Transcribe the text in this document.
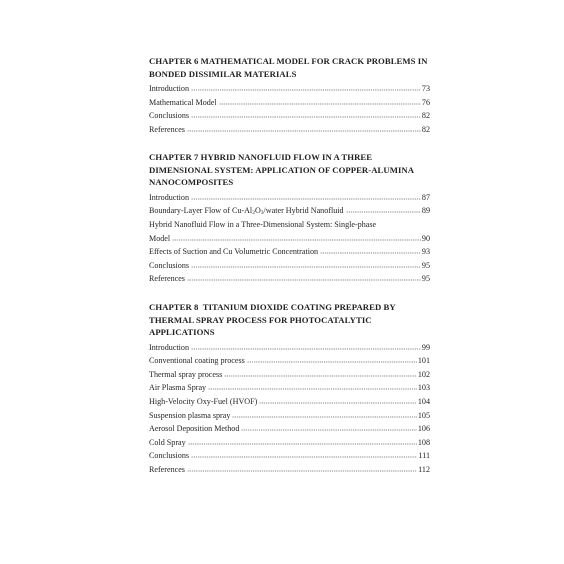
CHAPTER 6 MATHEMATICAL MODEL FOR CRACK PROBLEMS IN BONDED DISSIMILAR MATERIALS
Introduction	73
Mathematical Model	76
Conclusions	82
References	82
CHAPTER 7 HYBRID NANOFLUID FLOW IN A THREE DIMENSIONAL SYSTEM: APPLICATION OF COPPER-ALUMINA NANOCOMPOSITES
Introduction	87
Boundary-Layer Flow of $Cu-Al_2O_3$/water Hybrid Nanofluid	89
Hybrid Nanofluid Flow in a Three-Dimensional System: Single-phase
Model	90
Effects of Suction and Cu Volumetric Concentration	93
Conclusions	95
References	95
CHAPTER 8  TITANIUM DIOXIDE COATING PREPARED BY THERMAL SPRAY PROCESS FOR PHOTOCATALYTIC APPLICATIONS
Introduction	99
Conventional coating process	101
Thermal spray process	102
Air Plasma Spray	103
High-Velocity Oxy-Fuel (HVOF)	104
Suspension plasma spray	105
Aerosol Deposition Method	106
Cold Spray	108
Conclusions	111
References	112
